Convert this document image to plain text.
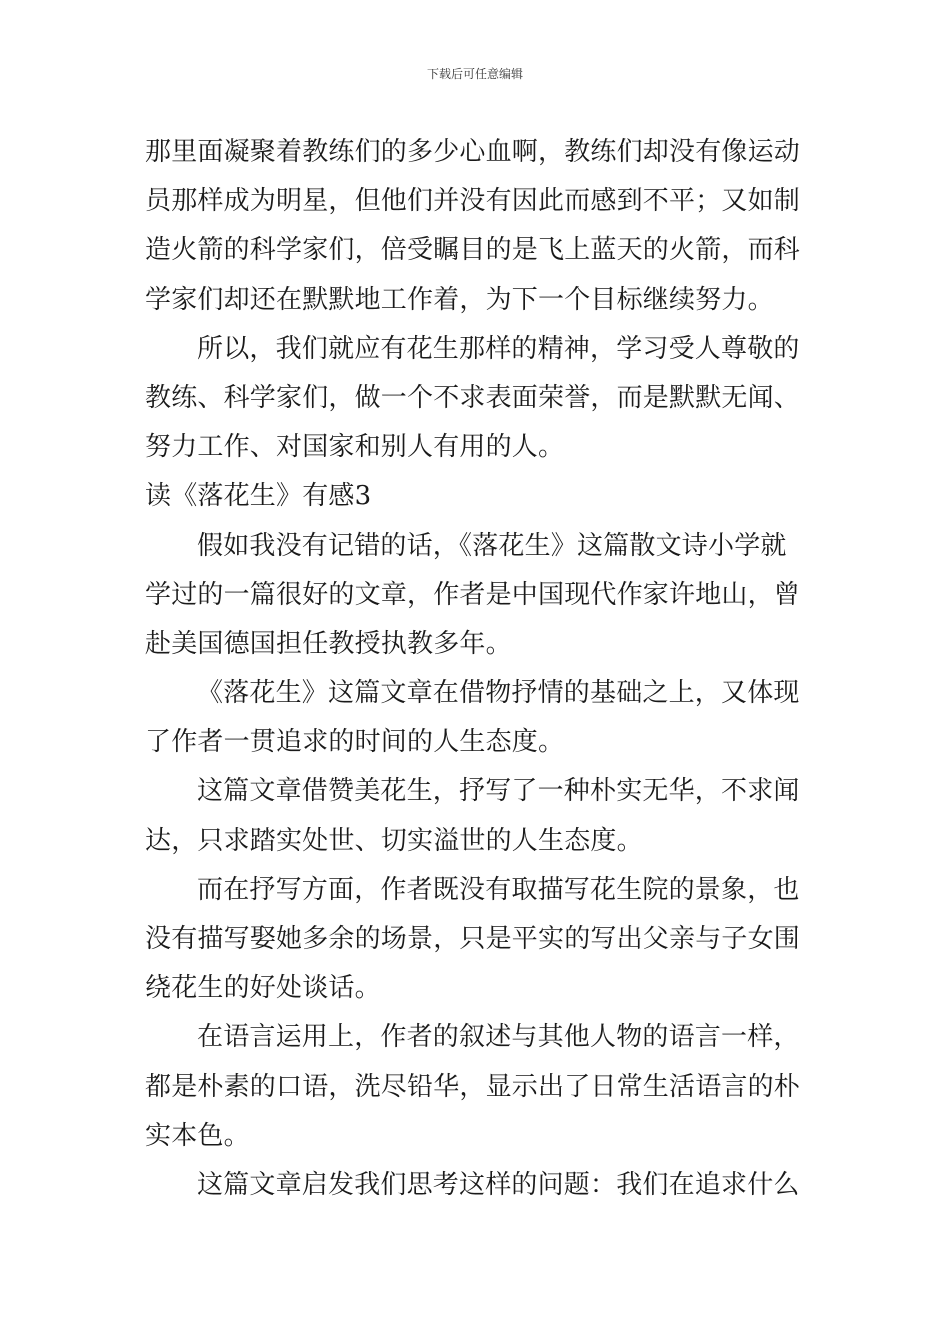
下载后可任意编辑
那里面凝聚着教练们的多少心血啊，教练们却没有像运动
员那样成为明星，但他们并没有因此而感到不平；又如制
造火箭的科学家们，倍受瞩目的是飞上蓝天的火箭，而科
学家们却还在默默地工作着，为下一个目标继续努力。
所以，我们就应有花生那样的精神，学习受人尊敬的
教练、科学家们，做一个不求表面荣誉，而是默默无闻、
努力工作、对国家和别人有用的人。
读《落花生》有感3
假如我没有记错的话，《落花生》这篇散文诗小学就
学过的一篇很好的文章，作者是中国现代作家许地山，曾
赴美国德国担任教授执教多年。
《落花生》这篇文章在借物抒情的基础之上，又体现
了作者一贯追求的时间的人生态度。
这篇文章借赞美花生，抒写了一种朴实无华，不求闻
达，只求踏实处世、切实溢世的人生态度。
而在抒写方面，作者既没有取描写花生院的景象，也
没有描写娶她多余的场景，只是平实的写出父亲与子女围
绕花生的好处谈话。
在语言运用上，作者的叙述与其他人物的语言一样，
都是朴素的口语，洗尽铅华，显示出了日常生活语言的朴
实本色。
这篇文章启发我们思考这样的问题：我们在追求什么
